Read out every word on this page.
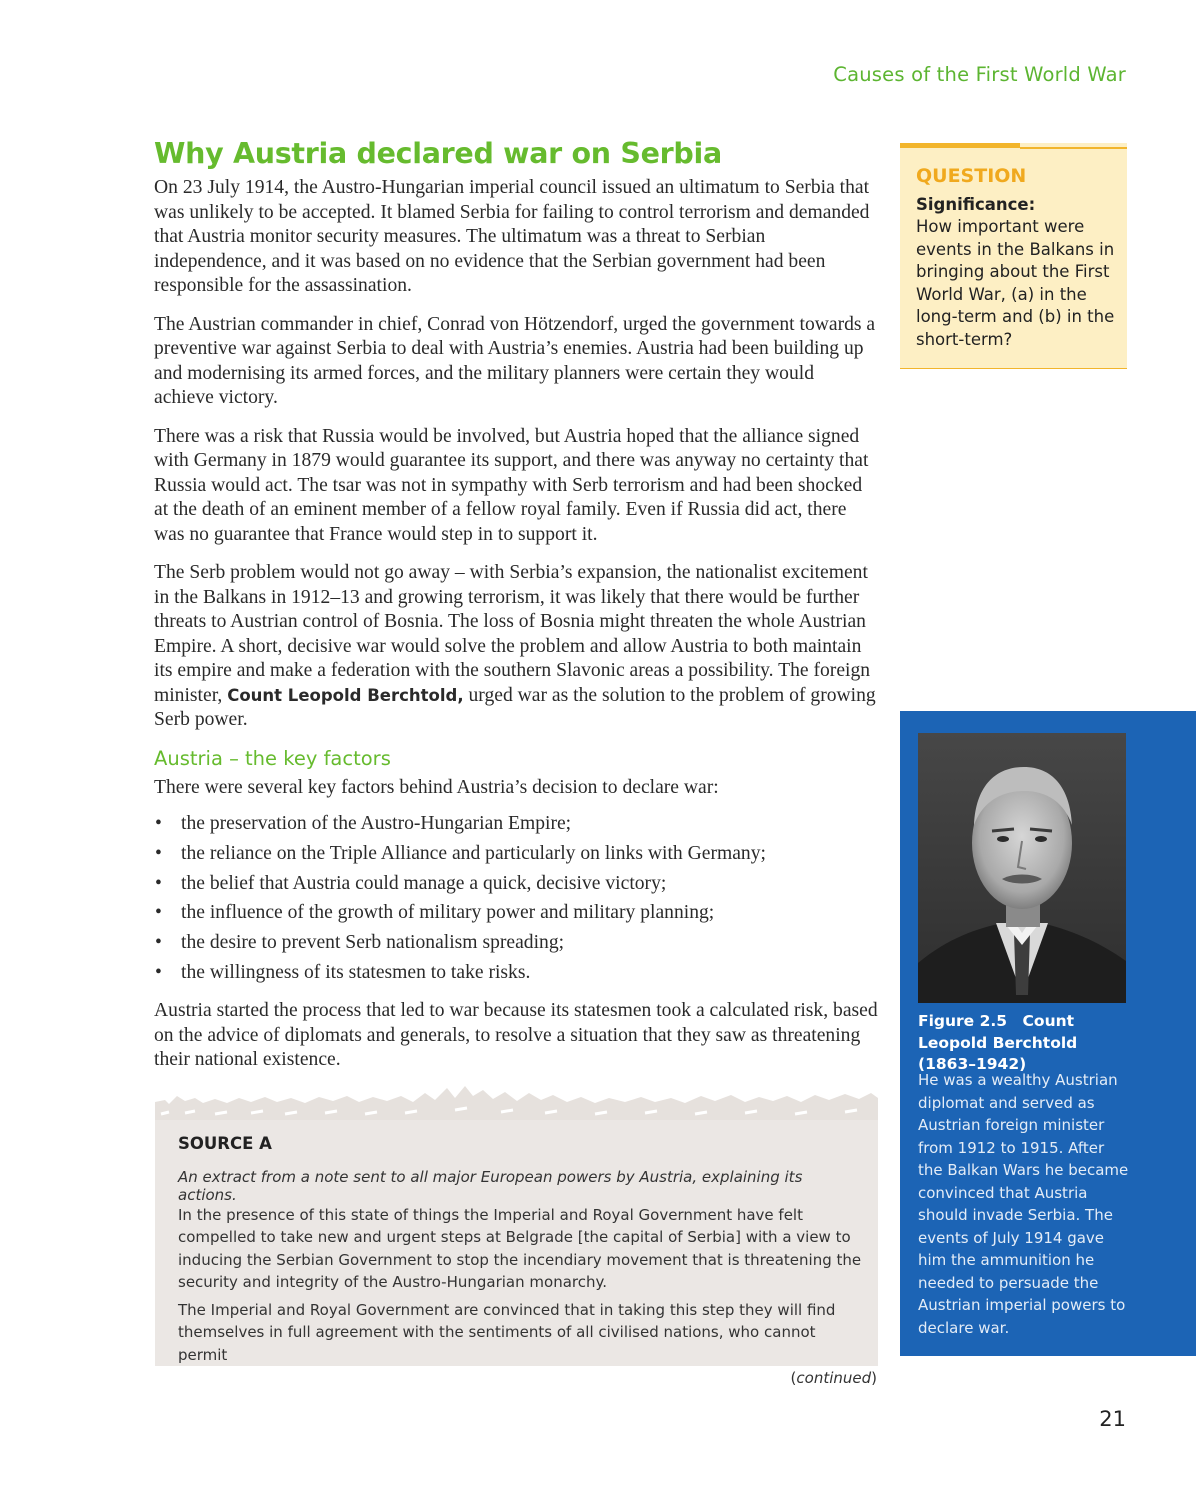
Causes of the First World War
Why Austria declared war on Serbia

On 23 July 1914, the Austro-Hungarian imperial council issued an ultimatum to Serbia that was unlikely to be accepted. It blamed Serbia for failing to control terrorism and demanded that Austria monitor security measures. The ultimatum was a threat to Serbian independence, and it was based on no evidence that the Serbian government had been responsible for the assassination.

The Austrian commander in chief, Conrad von Hötzendorf, urged the government towards a preventive war against Serbia to deal with Austria’s enemies. Austria had been building up and modernising its armed forces, and the military planners were certain they would achieve victory.

There was a risk that Russia would be involved, but Austria hoped that the alliance signed with Germany in 1879 would guarantee its support, and there was anyway no certainty that Russia would act. The tsar was not in sympathy with Serb terrorism and had been shocked at the death of an eminent member of a fellow royal family. Even if Russia did act, there was no guarantee that France would step in to support it.

The Serb problem would not go away – with Serbia’s expansion, the nationalist excitement in the Balkans in 1912–13 and growing terrorism, it was likely that there would be further threats to Austrian control of Bosnia. The loss of Bosnia might threaten the whole Austrian Empire. A short, decisive war would solve the problem and allow Austria to both maintain its empire and make a federation with the southern Slavonic areas a possibility. The foreign minister, Count Leopold Berchtold, urged war as the solution to the problem of growing Serb power.

Austria – the key factors

There were several key factors behind Austria’s decision to declare war:

• the preservation of the Austro-Hungarian Empire;
• the reliance on the Triple Alliance and particularly on links with Germany;
• the belief that Austria could manage a quick, decisive victory;
• the influence of the growth of military power and military planning;
• the desire to prevent Serb nationalism spreading;
• the willingness of its statesmen to take risks.

Austria started the process that led to war because its statesmen took a calculated risk, based on the advice of diplomats and generals, to resolve a situation that they saw as threatening their national existence.

SOURCE A
An extract from a note sent to all major European powers by Austria, explaining its actions.
In the presence of this state of things the Imperial and Royal Government have felt compelled to take new and urgent steps at Belgrade [the capital of Serbia] with a view to inducing the Serbian Government to stop the incendiary movement that is threatening the security and integrity of the Austro-Hungarian monarchy.
The Imperial and Royal Government are convinced that in taking this step they will find themselves in full agreement with the sentiments of all civilised nations, who cannot permit
(continued)
QUESTION
Significance:
How important were events in the Balkans in bringing about the First World War, (a) in the long-term and (b) in the short-term?
Figure 2.5 Count Leopold Berchtold (1863–1942)
He was a wealthy Austrian diplomat and served as Austrian foreign minister from 1912 to 1915. After the Balkan Wars he became convinced that Austria should invade Serbia. The events of July 1914 gave him the ammunition he needed to persuade the Austrian imperial powers to declare war.
21
